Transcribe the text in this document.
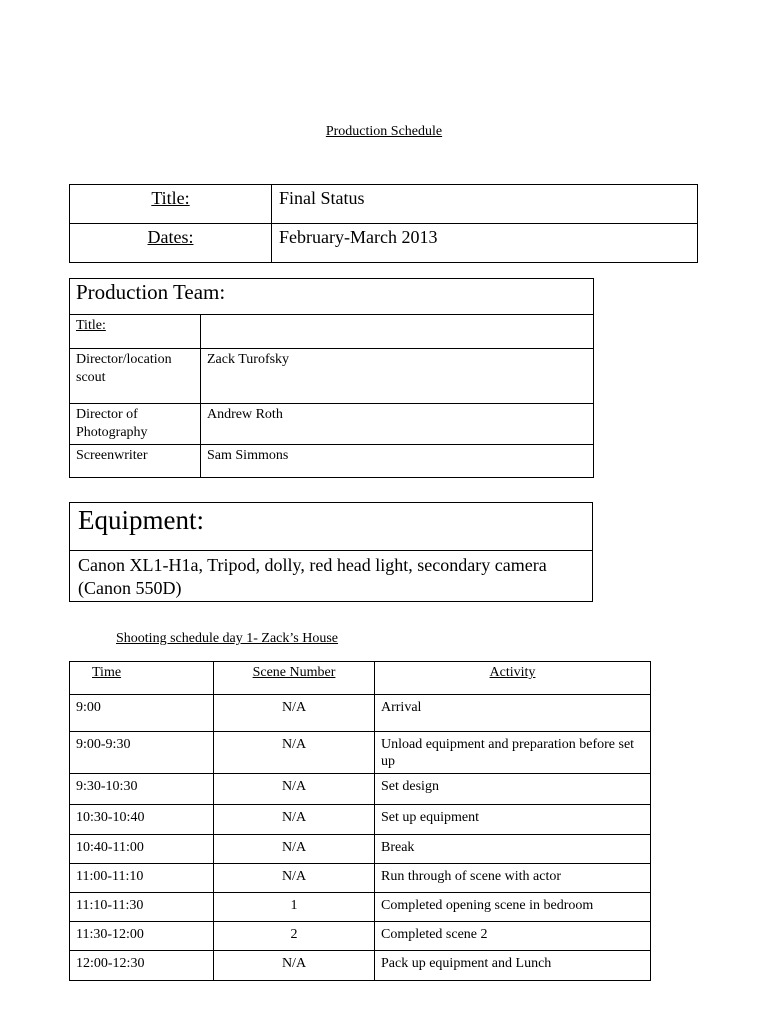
Production Schedule
Title:	Final Status
Dates:	February-March 2013
Production Team:	
Title:	
Director/location scout	Zack Turofsky
Director of Photography	Andrew Roth
Screenwriter	Sam Simmons
Equipment:
Canon XL1-H1a, Tripod, dolly, red head light, secondary camera (Canon 550D)
Shooting schedule day 1- Zack’s House
Time	Scene Number	Activity
9:00	N/A	Arrival
9:00-9:30	N/A	Unload equipment and preparation before set up
9:30-10:30	N/A	Set design
10:30-10:40	N/A	Set up equipment
10:40-11:00	N/A	Break
11:00-11:10	N/A	Run through of scene with actor
11:10-11:30	1	Completed opening scene in bedroom
11:30-12:00	2	Completed scene 2
12:00-12:30	N/A	Pack up equipment and Lunch
